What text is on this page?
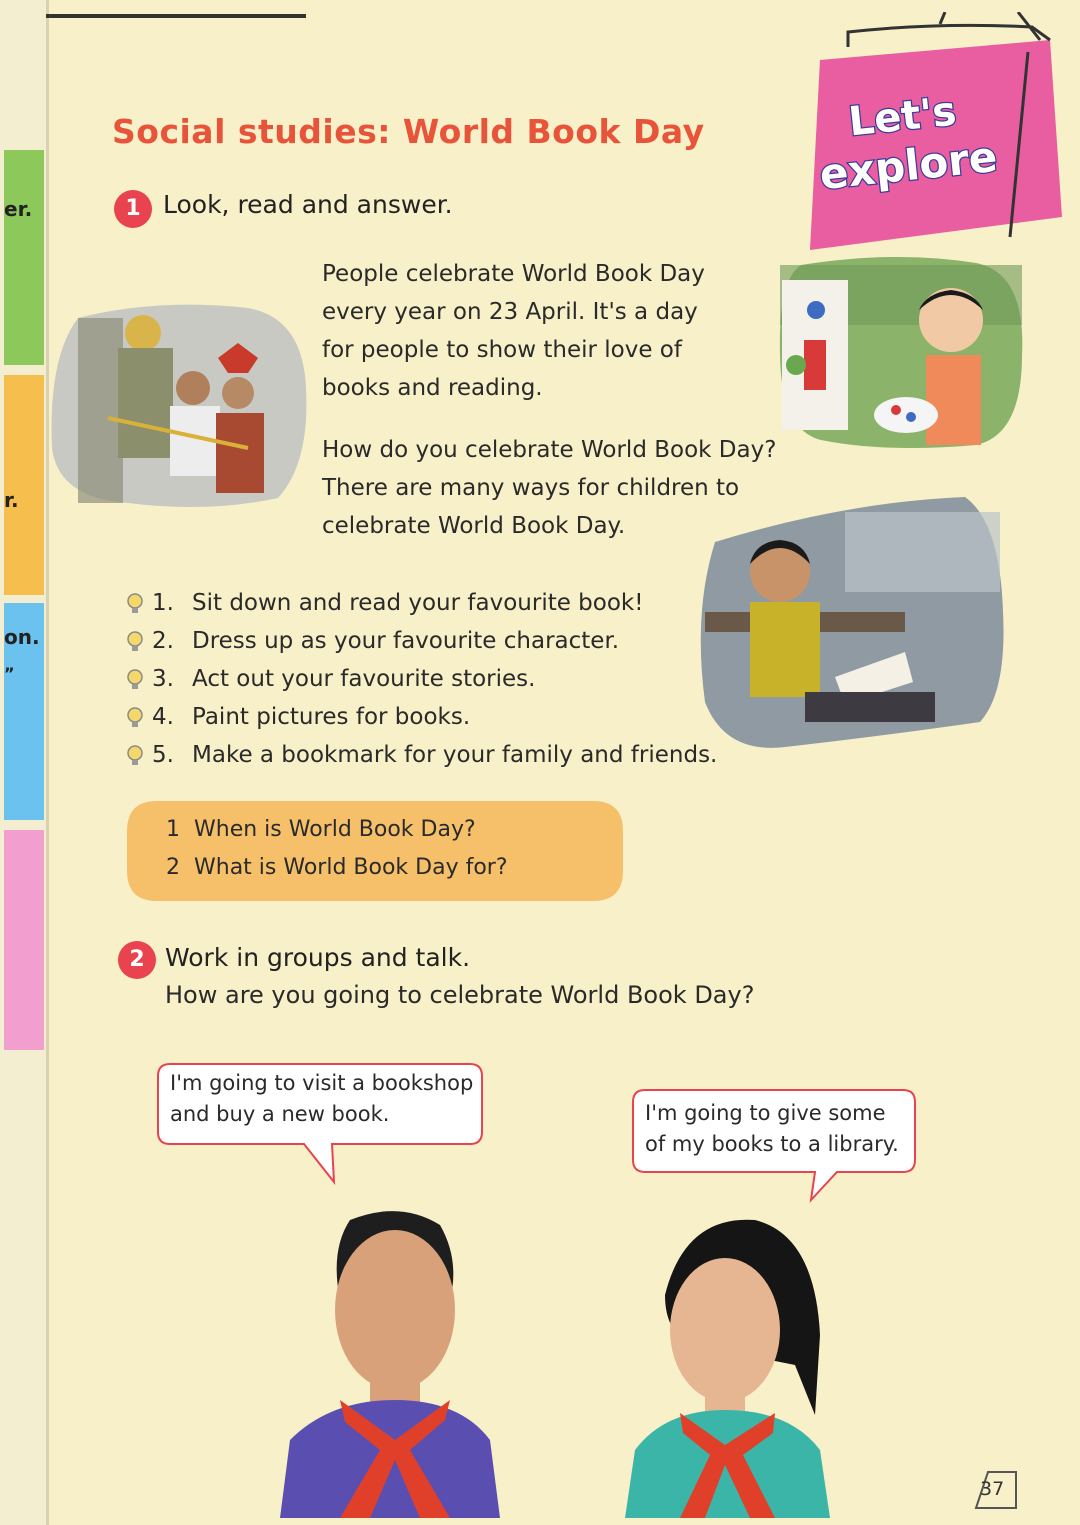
er.
r.
on.
”
Let's
explore
Social studies: World Book Day
1 Look, read and answer.
People celebrate World Book Day
every year on 23 April. It's a day
for people to show their love of
books and reading.
How do you celebrate World Book Day?
There are many ways for children to
celebrate World Book Day.
1. Sit down and read your favourite book!
2. Dress up as your favourite character.
3. Act out your favourite stories.
4. Paint pictures for books.
5. Make a bookmark for your family and friends.
1 When is World Book Day?
2 What is World Book Day for?
2 Work in groups and talk.
How are you going to celebrate World Book Day?
I'm going to visit a bookshop
and buy a new book.	I'm going to give some
of my books to a library.
37
